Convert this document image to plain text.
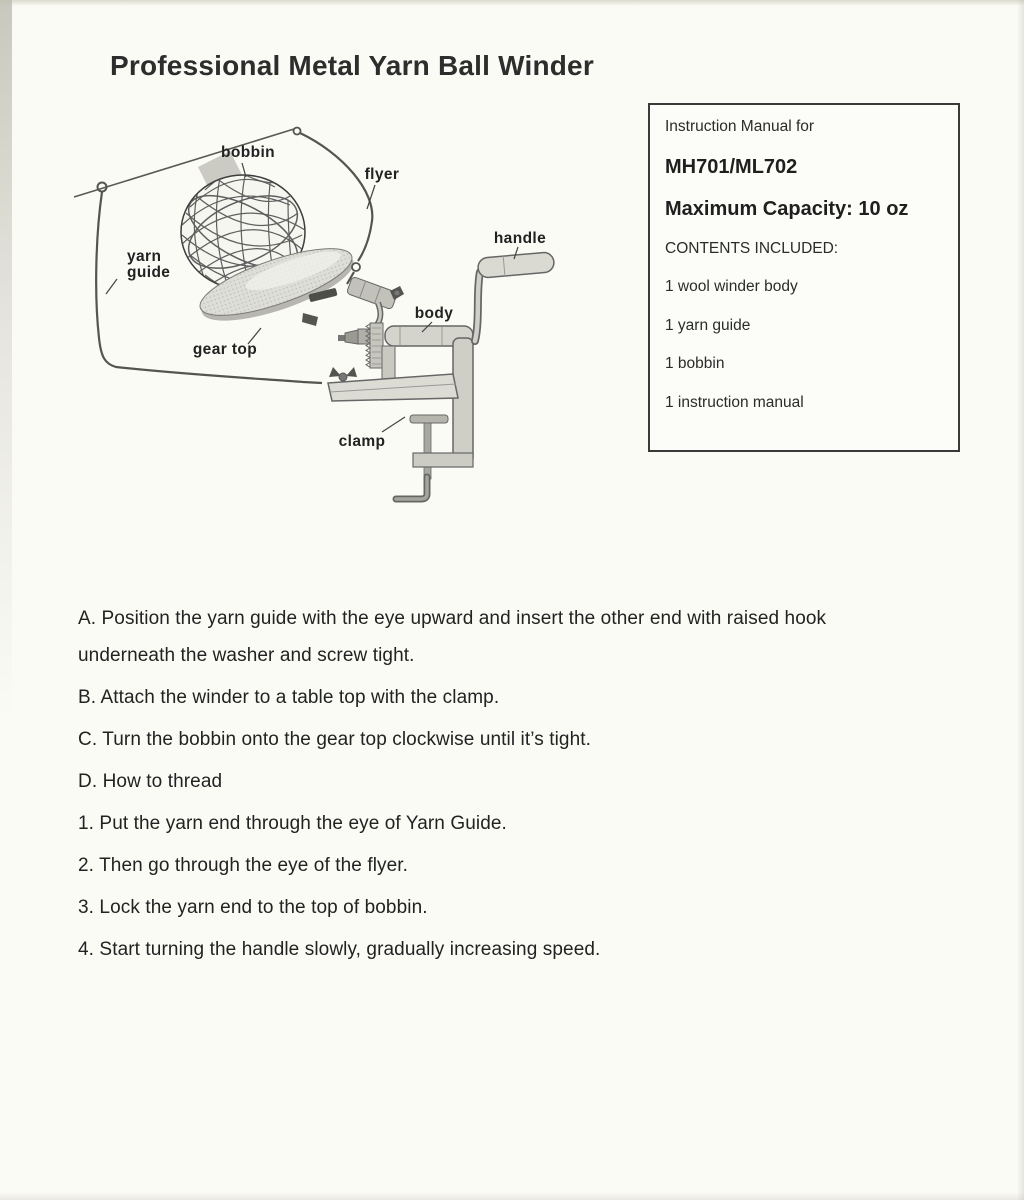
Professional Metal Yarn Ball Winder
bobbin
flyer
handle
yarn
guide
body
gear top
clamp

Instruction Manual for

MH701/ML702

Maximum Capacity: 10 oz

CONTENTS INCLUDED:

1 wool winder body

1 yarn guide

1 bobbin

1 instruction manual

A. Position the yarn guide with the eye upward and insert the other end with raised hook underneath the washer and screw tight.

B. Attach the winder to a table top with the clamp.

C. Turn the bobbin onto the gear top clockwise until it’s tight.

D. How to thread

1. Put the yarn end through the eye of Yarn Guide.

2. Then go through the eye of the flyer.

3. Lock the yarn end to the top of bobbin.

4. Start turning the handle slowly, gradually increasing speed.
